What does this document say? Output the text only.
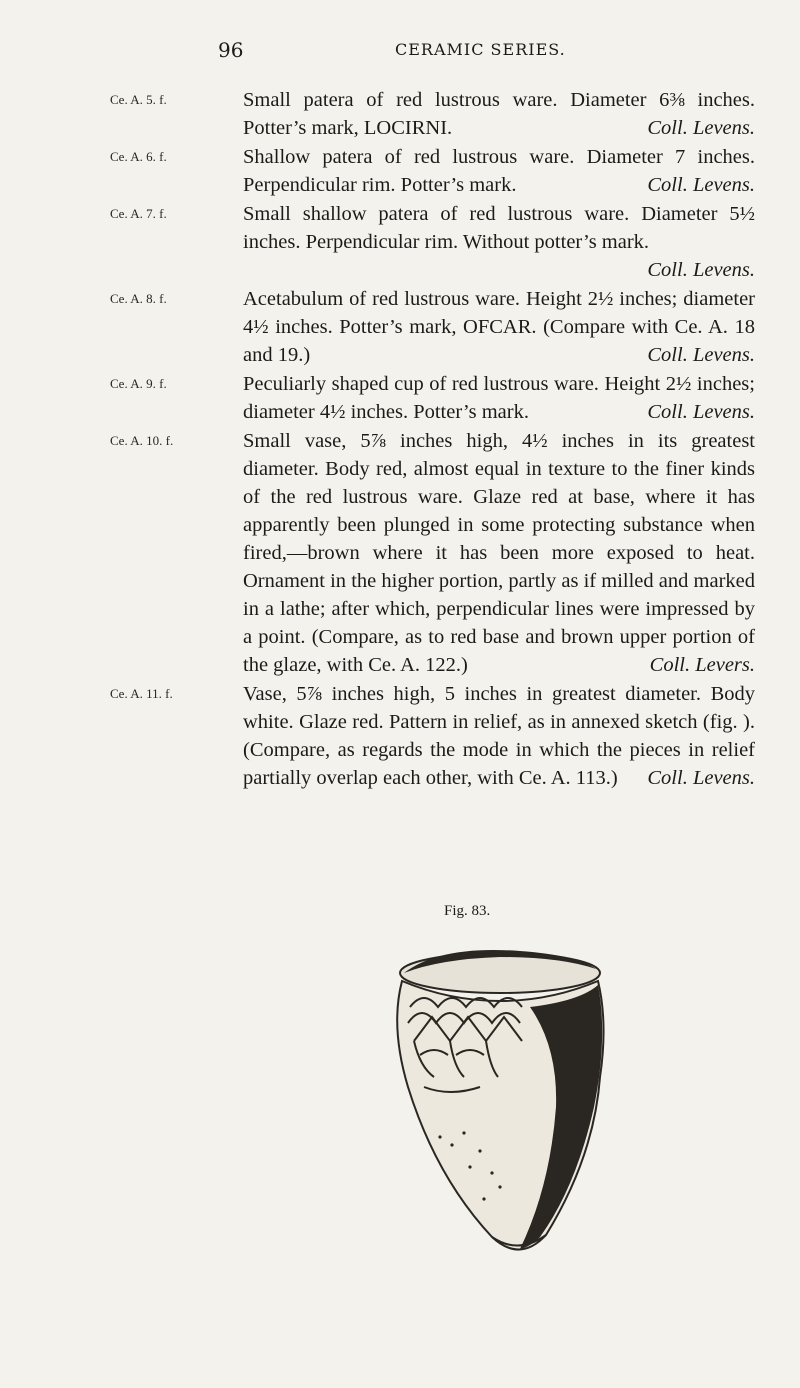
96	CERAMIC SERIES.
Ce. A. 5. f.	Small patera of red lustrous ware. Diameter 6⅜ inches. Potter’s mark, LOCIRNI.	Coll. Levens.
Ce. A. 6. f.	Shallow patera of red lustrous ware. Diameter 7 inches. Perpendicular rim. Potter’s mark.	Coll. Levens.
Ce. A. 7. f.	Small shallow patera of red lustrous ware. Diameter 5½ inches. Perpendicular rim. Without potter’s mark.
Coll. Levens.
Ce. A. 8. f.	Acetabulum of red lustrous ware. Height 2½ inches; diameter 4½ inches. Potter’s mark, OFCAR. (Compare with Ce. A. 18 and 19.)	Coll. Levens.
Ce. A. 9. f.	Peculiarly shaped cup of red lustrous ware. Height 2½ inches; diameter 4½ inches. Potter’s mark.	Coll. Levens.
Ce. A. 10. f.	Small vase, 5⅞ inches high, 4½ inches in its greatest diameter. Body red, almost equal in texture to the finer kinds of the red lustrous ware. Glaze red at base, where it has apparently been plunged in some protecting substance when fired,—brown where it has been more exposed to heat. Ornament in the higher portion, partly as if milled and marked in a lathe; after which, perpendicular lines were impressed by a point. (Compare, as to red base and brown upper portion of the glaze, with Ce. A. 122.)	Coll. Levers.
Ce. A. 11. f.	Vase, 5⅞ inches high, 5 inches in greatest diameter. Body white. Glaze red. Pattern in relief, as in annexed sketch (fig. ). (Compare, as regards the mode in which the pieces in relief partially overlap each other, with Ce. A. 113.) Coll. Levens.
Fig. 83.
